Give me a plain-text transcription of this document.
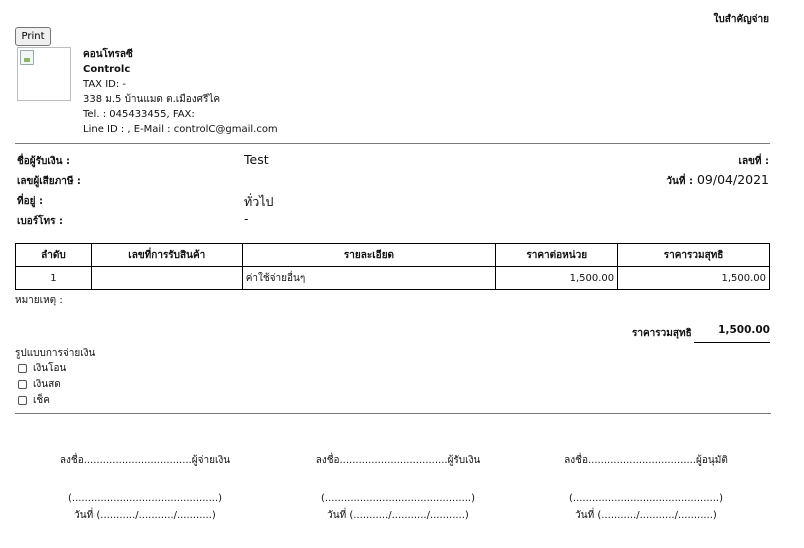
ใบสำคัญจ่าย
Print
คอนโทรลซี
Controlc
TAX ID: -
338 ม.5 บ้านแมด ต.เมืองศรีไค
Tel. : 045433455, FAX:
Line ID : , E-Mail : controlC@gmail.com
ชื่อผู้รับเงิน :	Test
เลขผู้เสียภาษี :
ที่อยู่ :	ทั่วไป
เบอร์โทร :	-
เลขที่ :
วันที่ : 09/04/2021
ลำดับ	เลขที่การรับสินค้า	รายละเอียด	ราคาต่อหน่วย	ราคารวมสุทธิ
1		ค่าใช้จ่ายอื่นๆ	1,500.00	1,500.00
หมายเหตุ :
ราคารวมสุทธิ	1,500.00
รูปแบบการจ่ายเงิน
เงินโอน
เงินสด
เช็ค
ลงชื่อ..................................ผู้จ่ายเงิน
(..............................................)
วันที่ (.........../.........../...........)
ลงชื่อ..................................ผู้รับเงิน
(..............................................)
วันที่ (.........../.........../...........)
ลงชื่อ..................................ผู้อนุมัติ
(..............................................)
วันที่ (.........../.........../...........)
